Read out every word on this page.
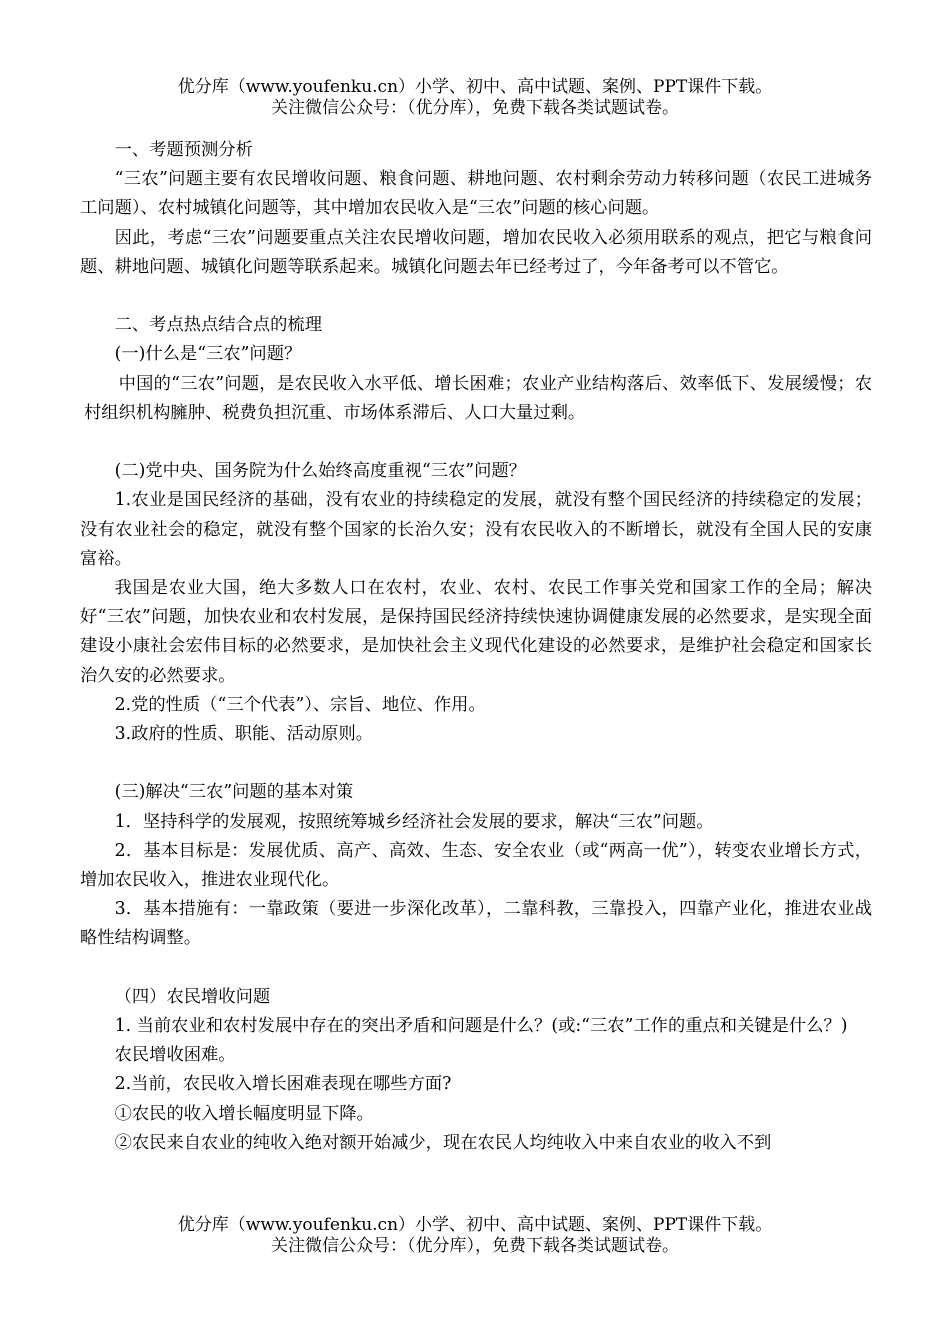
优分库（www.youfenku.cn）小学、初中、高中试题、案例、PPT课件下载。
关注微信公众号：（优分库），免费下载各类试题试卷。

一、考题预测分析

“三农”问题主要有农民增收问题、粮食问题、耕地问题、农村剩余劳动力转移问题（农民工进城务工问题）、农村城镇化问题等，其中增加农民收入是“三农”问题的核心问题。

因此，考虑“三农”问题要重点关注农民增收问题，增加农民收入必须用联系的观点，把它与粮食问题、耕地问题、城镇化问题等联系起来。城镇化问题去年已经考过了，今年备考可以不管它。

二、考点热点结合点的梳理

(一)什么是“三农”问题？

中国的“三农”问题，是农民收入水平低、增长困难；农业产业结构落后、效率低下、发展缓慢；农村组织机构臃肿、税费负担沉重、市场体系滞后、人口大量过剩。

(二)党中央、国务院为什么始终高度重视“三农”问题？

1.农业是国民经济的基础，没有农业的持续稳定的发展，就没有整个国民经济的持续稳定的发展；没有农业社会的稳定，就没有整个国家的长治久安；没有农民收入的不断增长，就没有全国人民的安康富裕。

我国是农业大国，绝大多数人口在农村，农业、农村、农民工作事关党和国家工作的全局；解决好“三农”问题，加快农业和农村发展，是保持国民经济持续快速协调健康发展的必然要求，是实现全面建设小康社会宏伟目标的必然要求，是加快社会主义现代化建设的必然要求，是维护社会稳定和国家长治久安的必然要求。

2.党的性质（“三个代表”）、宗旨、地位、作用。

3.政府的性质、职能、活动原则。

(三)解决“三农”问题的基本对策

1．坚持科学的发展观，按照统筹城乡经济社会发展的要求，解决“三农”问题。

2．基本目标是：发展优质、高产、高效、生态、安全农业（或“两高一优”），转变农业增长方式，增加农民收入，推进农业现代化。

3．基本措施有：一靠政策（要进一步深化改革），二靠科教，三靠投入，四靠产业化，推进农业战略性结构调整。

（四）农民增收问题

1. 当前农业和农村发展中存在的突出矛盾和问题是什么？(或:“三农”工作的重点和关键是什么？)

农民增收困难。

2.当前，农民收入增长困难表现在哪些方面?

①农民的收入增长幅度明显下降。

②农民来自农业的纯收入绝对额开始减少，现在农民人均纯收入中来自农业的收入不到

优分库（www.youfenku.cn）小学、初中、高中试题、案例、PPT课件下载。
关注微信公众号：（优分库），免费下载各类试题试卷。
